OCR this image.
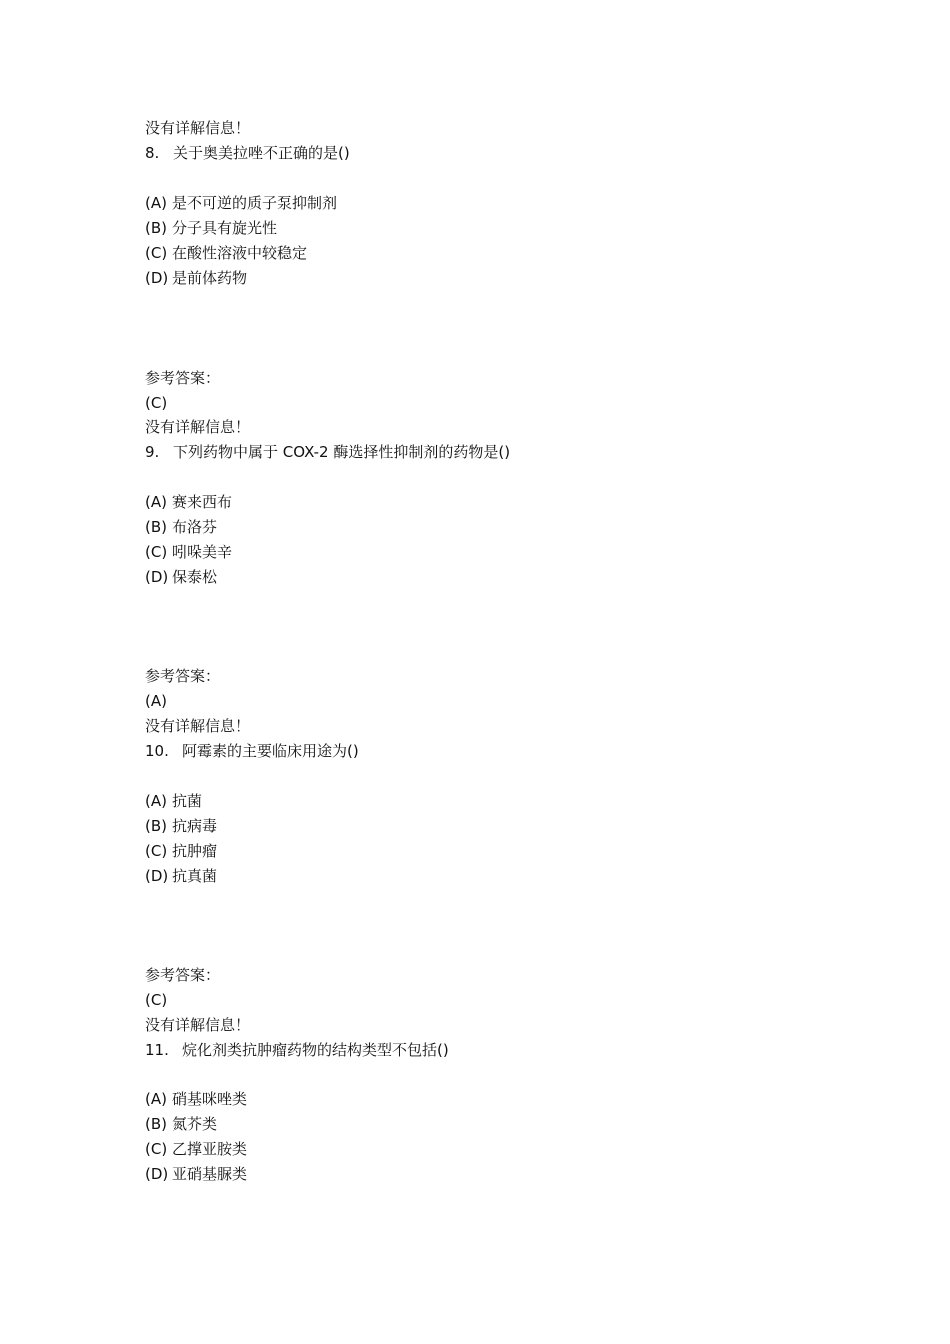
没有详解信息！
8. 关于奥美拉唑不正确的是()
(A) 是不可逆的质子泵抑制剂
(B) 分子具有旋光性
(C) 在酸性溶液中较稳定
(D) 是前体药物
参考答案：
(C)
没有详解信息！
9. 下列药物中属于 COX-2 酶选择性抑制剂的药物是()
(A) 赛来西布
(B) 布洛芬
(C) 吲哚美辛
(D) 保泰松
参考答案：
(A)
没有详解信息！
10. 阿霉素的主要临床用途为()
(A) 抗菌
(B) 抗病毒
(C) 抗肿瘤
(D) 抗真菌
参考答案：
(C)
没有详解信息！
11. 烷化剂类抗肿瘤药物的结构类型不包括()
(A) 硝基咪唑类
(B) 氮芥类
(C) 乙撑亚胺类
(D) 亚硝基脲类
